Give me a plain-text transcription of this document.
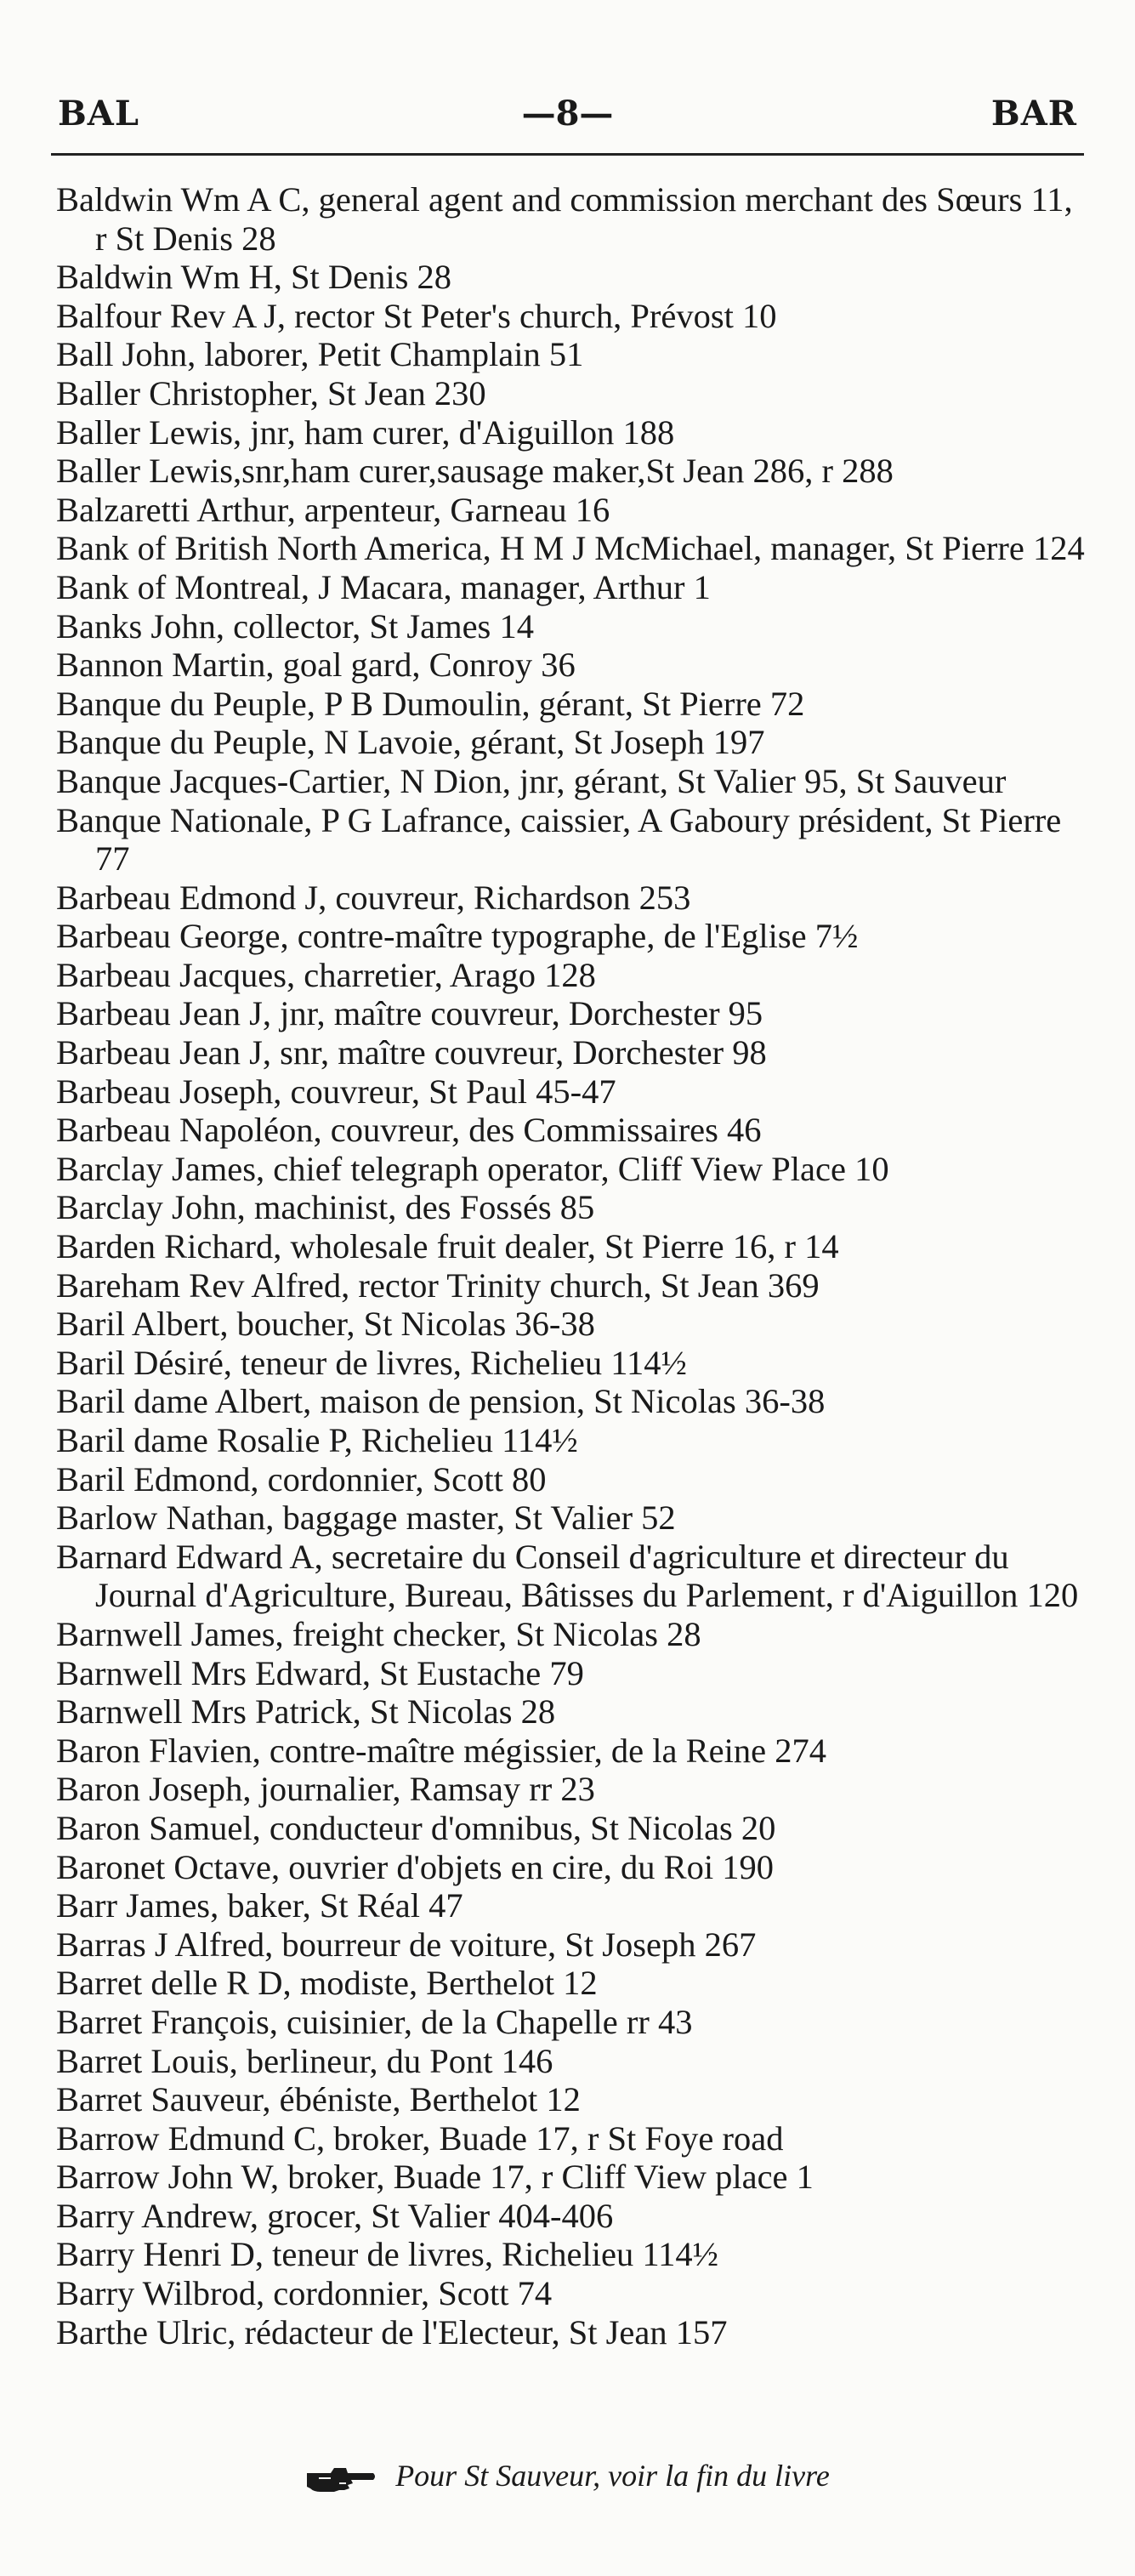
BAL	—8—	BAR
Baldwin Wm A C, general agent and commission merchant des Sœurs 11, r St Denis 28
Baldwin Wm H, St Denis 28
Balfour Rev A J, rector St Peter's church, Prévost 10
Ball John, laborer, Petit Champlain 51
Baller Christopher, St Jean 230
Baller Lewis, jnr, ham curer, d'Aiguillon 188
Baller Lewis,snr,ham curer,sausage maker,St Jean 286, r 288
Balzaretti Arthur, arpenteur, Garneau 16
Bank of British North America, H M J McMichael, manager, St Pierre 124
Bank of Montreal, J Macara, manager, Arthur 1
Banks John, collector, St James 14
Bannon Martin, goal gard, Conroy 36
Banque du Peuple, P B Dumoulin, gérant, St Pierre 72
Banque du Peuple, N Lavoie, gérant, St Joseph 197
Banque Jacques-Cartier, N Dion, jnr, gérant, St Valier 95, St Sauveur
Banque Nationale, P G Lafrance, caissier, A Gaboury président, St Pierre 77
Barbeau Edmond J, couvreur, Richardson 253
Barbeau George, contre-maître typographe, de l'Eglise 7½
Barbeau Jacques, charretier, Arago 128
Barbeau Jean J, jnr, maître couvreur, Dorchester 95
Barbeau Jean J, snr, maître couvreur, Dorchester 98
Barbeau Joseph, couvreur, St Paul 45-47
Barbeau Napoléon, couvreur, des Commissaires 46
Barclay James, chief telegraph operator, Cliff View Place 10
Barclay John, machinist, des Fossés 85
Barden Richard, wholesale fruit dealer, St Pierre 16, r 14
Bareham Rev Alfred, rector Trinity church, St Jean 369
Baril Albert, boucher, St Nicolas 36-38
Baril Désiré, teneur de livres, Richelieu 114½
Baril dame Albert, maison de pension, St Nicolas 36-38
Baril dame Rosalie P, Richelieu 114½
Baril Edmond, cordonnier, Scott 80
Barlow Nathan, baggage master, St Valier 52
Barnard Edward A, secretaire du Conseil d'agriculture et directeur du Journal d'Agriculture, Bureau, Bâtisses du Parlement, r d'Aiguillon 120
Barnwell James, freight checker, St Nicolas 28
Barnwell Mrs Edward, St Eustache 79
Barnwell Mrs Patrick, St Nicolas 28
Baron Flavien, contre-maître mégissier, de la Reine 274
Baron Joseph, journalier, Ramsay rr 23
Baron Samuel, conducteur d'omnibus, St Nicolas 20
Baronet Octave, ouvrier d'objets en cire, du Roi 190
Barr James, baker, St Réal 47
Barras J Alfred, bourreur de voiture, St Joseph 267
Barret delle R D, modiste, Berthelot 12
Barret François, cuisinier, de la Chapelle rr 43
Barret Louis, berlineur, du Pont 146
Barret Sauveur, ébéniste, Berthelot 12
Barrow Edmund C, broker, Buade 17, r St Foye road
Barrow John W, broker, Buade 17, r Cliff View place 1
Barry Andrew, grocer, St Valier 404-406
Barry Henri D, teneur de livres, Richelieu 114½
Barry Wilbrod, cordonnier, Scott 74
Barthe Ulric, rédacteur de l'Electeur, St Jean 157
Pour St Sauveur, voir la fin du livre
